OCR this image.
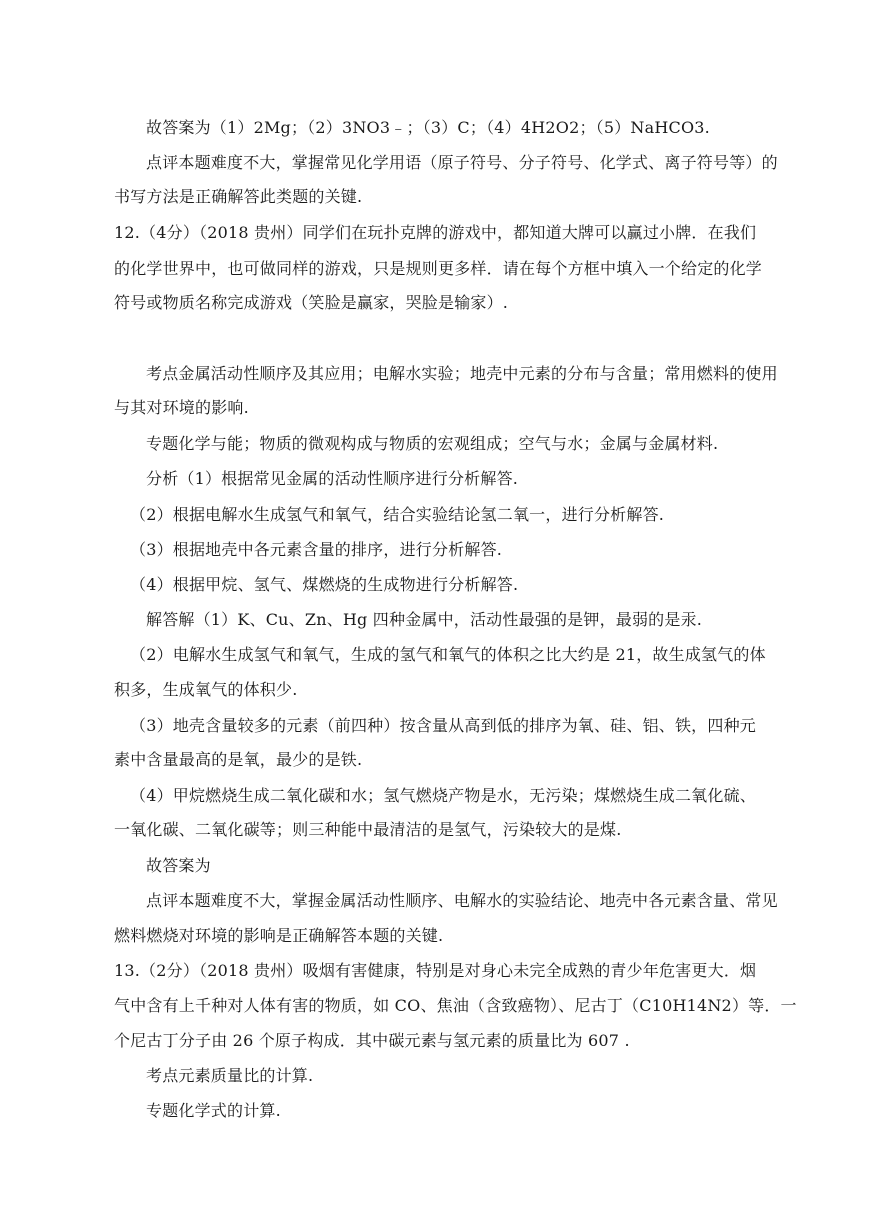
故答案为（1）2Mg；（2）3NO3﹣；（3）C；（4）4H2O2；（5）NaHCO3.
点评本题难度不大，掌握常见化学用语（原子符号、分子符号、化学式、离子符号等）的
书写方法是正确解答此类题的关键.
12.（4分）（2018 贵州）同学们在玩扑克牌的游戏中，都知道大牌可以赢过小牌．在我们
的化学世界中，也可做同样的游戏，只是规则更多样．请在每个方框中填入一个给定的化学
符号或物质名称完成游戏（笑脸是赢家，哭脸是输家）.
考点金属活动性顺序及其应用；电解水实验；地壳中元素的分布与含量；常用燃料的使用
与其对环境的影响.
专题化学与能；物质的微观构成与物质的宏观组成；空气与水；金属与金属材料.
分析（1）根据常见金属的活动性顺序进行分析解答.
（2）根据电解水生成氢气和氧气，结合实验结论氢二氧一，进行分析解答.
（3）根据地壳中各元素含量的排序，进行分析解答.
（4）根据甲烷、氢气、煤燃烧的生成物进行分析解答.
解答解（1）K、Cu、Zn、Hg 四种金属中，活动性最强的是钾，最弱的是汞.
（2）电解水生成氢气和氧气，生成的氢气和氧气的体积之比大约是 21，故生成氢气的体
积多，生成氧气的体积少.
（3）地壳含量较多的元素（前四种）按含量从高到低的排序为氧、硅、铝、铁，四种元
素中含量最高的是氧，最少的是铁.
（4）甲烷燃烧生成二氧化碳和水；氢气燃烧产物是水，无污染；煤燃烧生成二氧化硫、
一氧化碳、二氧化碳等；则三种能中最清洁的是氢气，污染较大的是煤.
故答案为
点评本题难度不大，掌握金属活动性顺序、电解水的实验结论、地壳中各元素含量、常见
燃料燃烧对环境的影响是正确解答本题的关键.
13.（2分）（2018 贵州）吸烟有害健康，特别是对身心未完全成熟的青少年危害更大．烟
气中含有上千种对人体有害的物质，如 CO、焦油（含致癌物）、尼古丁（C10H14N2）等．一
个尼古丁分子由 26 个原子构成．其中碳元素与氢元素的质量比为 607 .
考点元素质量比的计算.
专题化学式的计算.
